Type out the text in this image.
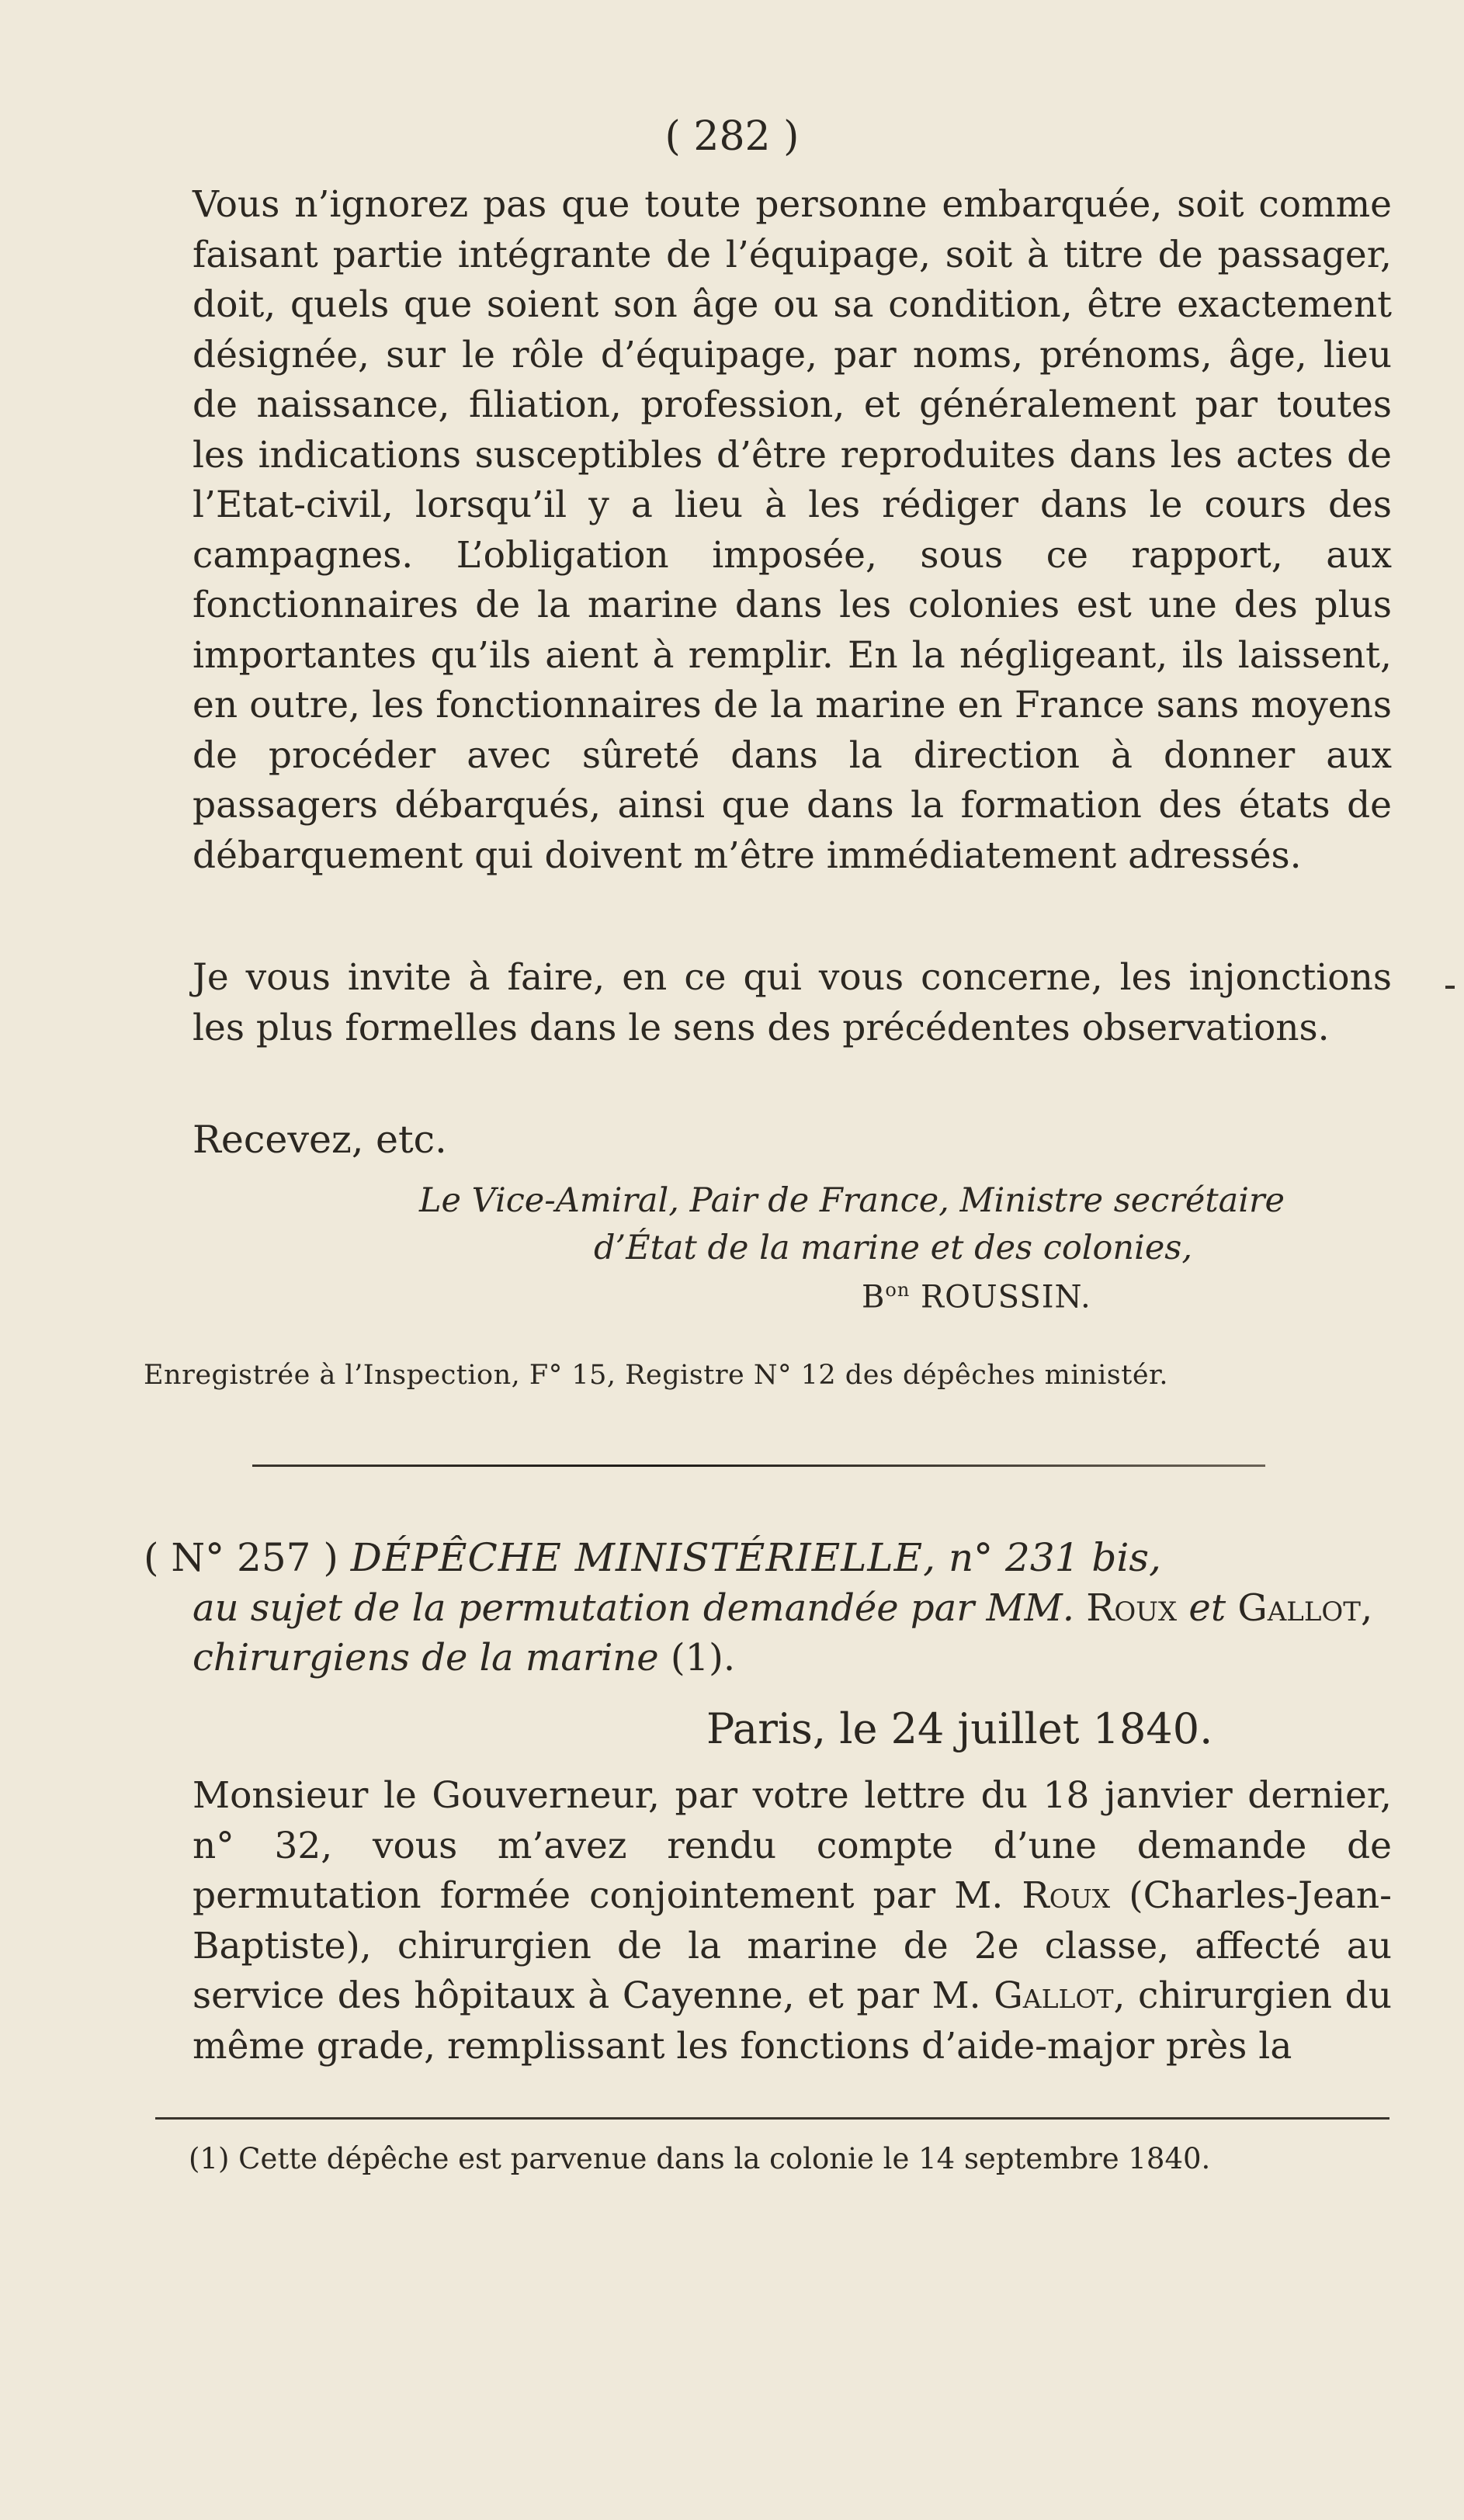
( 282 )

Vous n’ignorez pas que toute personne embarquée, soit comme faisant partie intégrante de l’équipage, soit à titre de passager, doit, quels que soient son âge ou sa condition, être exactement désignée, sur le rôle d’équipage, par noms, prénoms, âge, lieu de naissance, filiation, profession, et généralement par toutes les indications susceptibles d’être reproduites dans les actes de l’Etat-civil, lorsqu’il y a lieu à les rédiger dans le cours des campagnes. L’obligation imposée, sous ce rapport, aux fonctionnaires de la marine dans les colonies est une des plus importantes qu’ils aient à remplir. En la négligeant, ils laissent, en outre, les fonctionnaires de la marine en France sans moyens de procéder avec sûreté dans la direction à donner aux passagers débarqués, ainsi que dans la formation des états de débarquement qui doivent m’être immédiatement adressés.

Je vous invite à faire, en ce qui vous concerne, les injonctions les plus formelles dans le sens des précédentes observations.

Recevez, etc.
Le Vice-Amiral, Pair de France, Ministre secrétaire
d’État de la marine et des colonies,
$B^{on}$ ROUSSIN.
Enregistrée à l’Inspection, F° 15, Registre N° 12 des dépêches ministér.
( N° 257 ) DÉPÊCHE MINISTÉRIELLE, n° 231 bis,
au sujet de la permutation demandée par MM. Roux et Gallot, chirurgiens de la marine (1).
Paris, le 24 juillet 1840.

Monsieur le Gouverneur, par votre lettre du 18 janvier dernier, n° 32, vous m’avez rendu compte d’une demande de permutation formée conjointement par M. Roux (Charles-Jean-Baptiste), chirurgien de la marine de 2e classe, affecté au service des hôpitaux à Cayenne, et par M. Gallot, chirurgien du même grade, remplissant les fonctions d’aide-major près la

(1) Cette dépêche est parvenue dans la colonie le 14 septembre 1840.
